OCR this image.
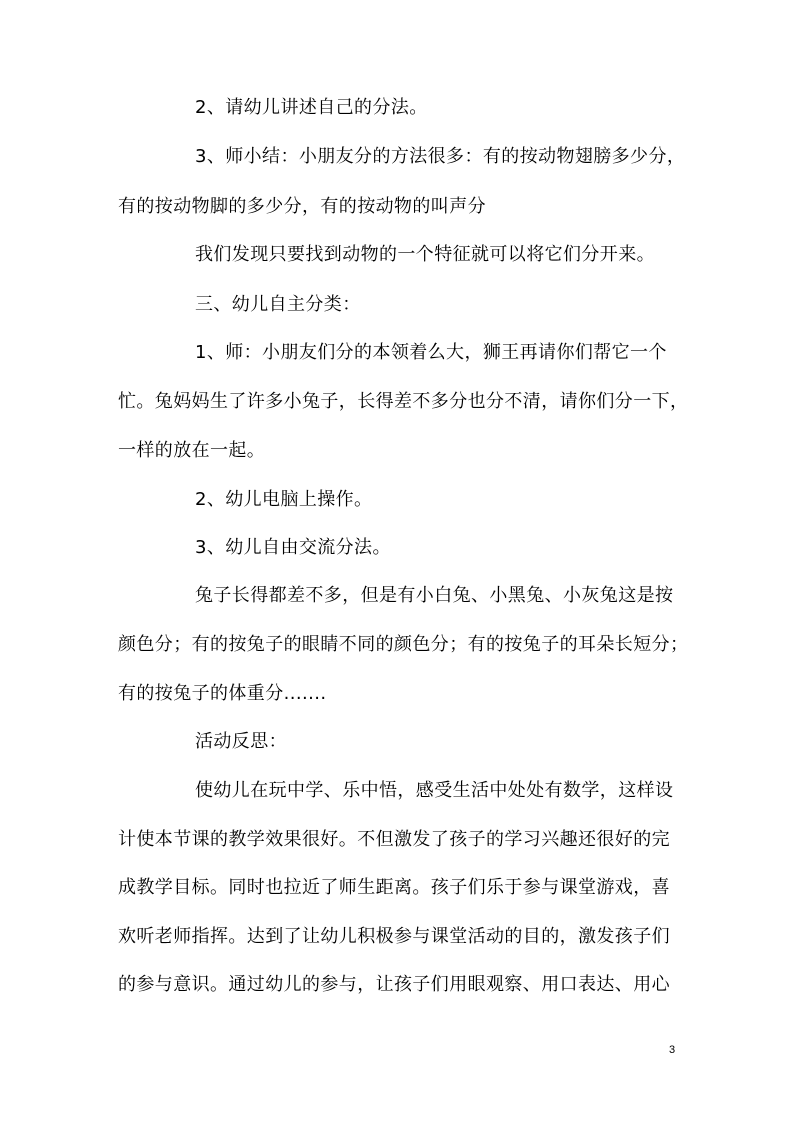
2、请幼儿讲述自己的分法。
3、师小结：小朋友分的方法很多：有的按动物翅膀多少分，
有的按动物脚的多少分，有的按动物的叫声分
我们发现只要找到动物的一个特征就可以将它们分开来。
三、幼儿自主分类：
1、师：小朋友们分的本领着么大，狮王再请你们帮它一个
忙。兔妈妈生了许多小兔子，长得差不多分也分不清，请你们分一下，
一样的放在一起。
2、幼儿电脑上操作。
3、幼儿自由交流分法。
兔子长得都差不多，但是有小白兔、小黑兔、小灰兔这是按
颜色分；有的按兔子的眼睛不同的颜色分；有的按兔子的耳朵长短分；
有的按兔子的体重分.......
活动反思：
使幼儿在玩中学、乐中悟，感受生活中处处有数学，这样设
计使本节课的教学效果很好。不但激发了孩子的学习兴趣还很好的完
成教学目标。同时也拉近了师生距离。孩子们乐于参与课堂游戏，喜
欢听老师指挥。达到了让幼儿积极参与课堂活动的目的，激发孩子们
的参与意识。通过幼儿的参与，让孩子们用眼观察、用口表达、用心
3
